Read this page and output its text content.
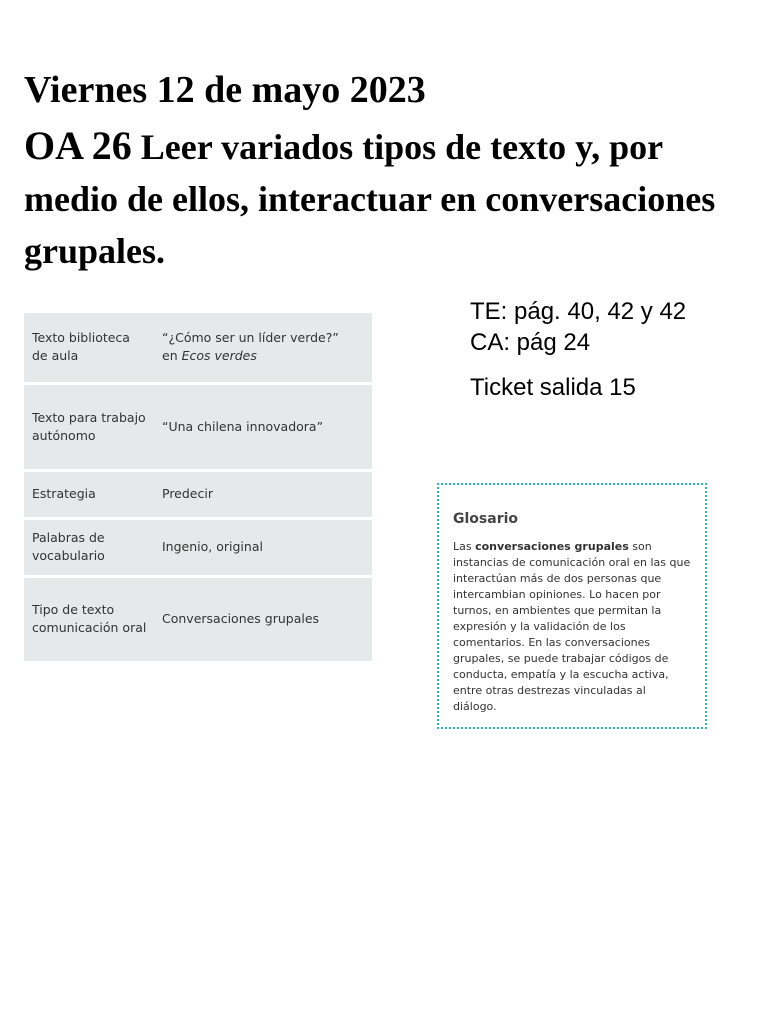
Viernes 12 de mayo 2023
OA 26 Leer variados tipos de texto y, por medio de ellos, interactuar en conversaciones grupales.
TE: pág. 40, 42 y 42
CA: pág 24
Ticket salida 15
Texto biblioteca de aula	“¿Cómo ser un líder verde?”
en Ecos verdes
Texto para trabajo autónomo	“Una chilena innovadora”
Estrategia	Predecir
Palabras de vocabulario	Ingenio, original
Tipo de texto comunicación oral	Conversaciones grupales
Glosario
Las conversaciones grupales son instancias de comunicación oral en las que interactúan más de dos personas que intercambian opiniones. Lo hacen por turnos, en ambientes que permitan la expresión y la validación de los comentarios. En las conversaciones grupales, se puede trabajar códigos de conducta, empatía y la escucha activa, entre otras destrezas vinculadas al diálogo.
